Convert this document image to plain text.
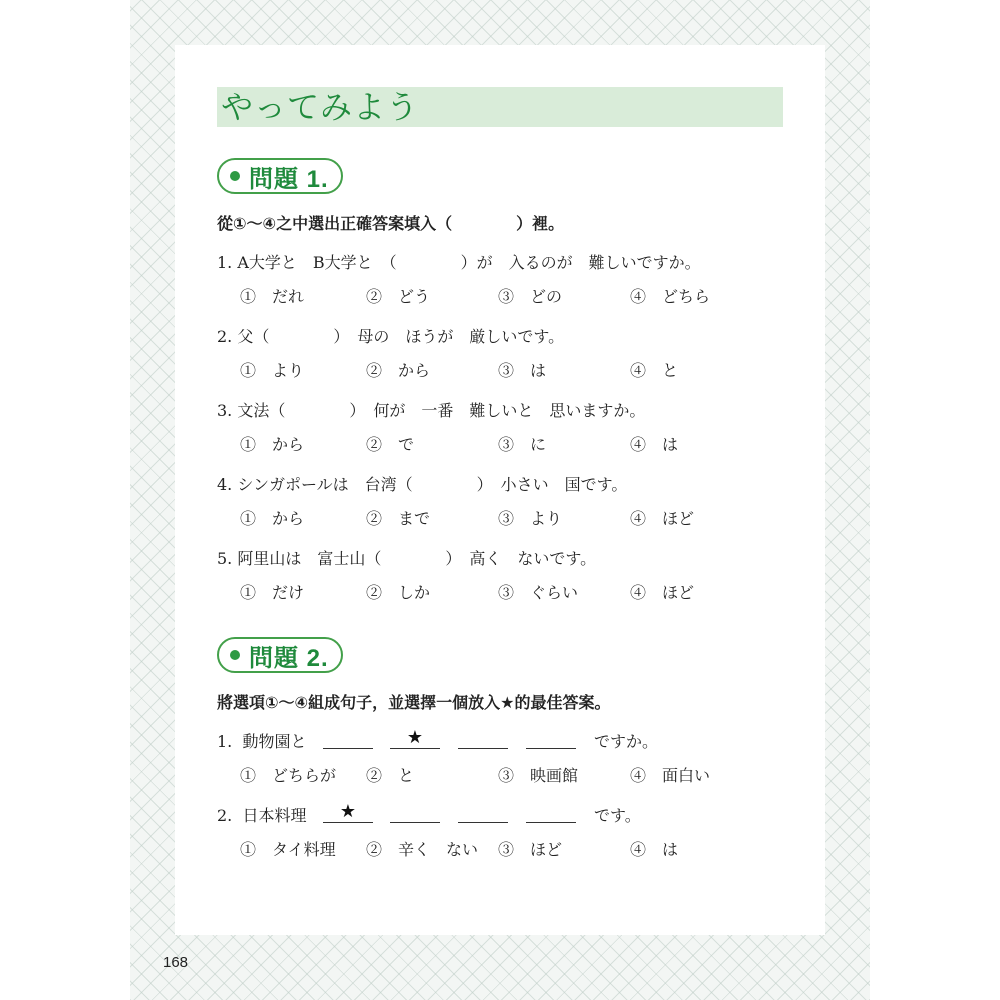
やってみよう
問題 1.
從①～④之中選出正確答案填入（　　　　）裡。
1. A大学と　B大学と　（　　　　）が　入るのが　難しいですか。
①　だれ	②　どう	③　どの	④　どちら
2. 父（　　　　）　母の　ほうが　厳しいです。
①　より	②　から	③　は	④　と
3. 文法（　　　　）　何が　一番　難しいと　思いますか。
①　から	②　で	③　に	④　は
4. シンガポールは　台湾（　　　　）　小さい　国です。
①　から	②　まで	③　より	④　ほど
5. 阿里山は　富士山（　　　　）　高く　ないです。
①　だけ	②　しか	③　ぐらい	④　ほど
問題 2.
將選項①～④組成句子，並選擇一個放入★的最佳答案。
1.  動物園と	★	ですか。
①　どちらが ②　と	③　映画館	④　面白い
2.  日本料理	★	です。
①　タイ料理 ②　辛く　ない ③　ほど	④　は
168
